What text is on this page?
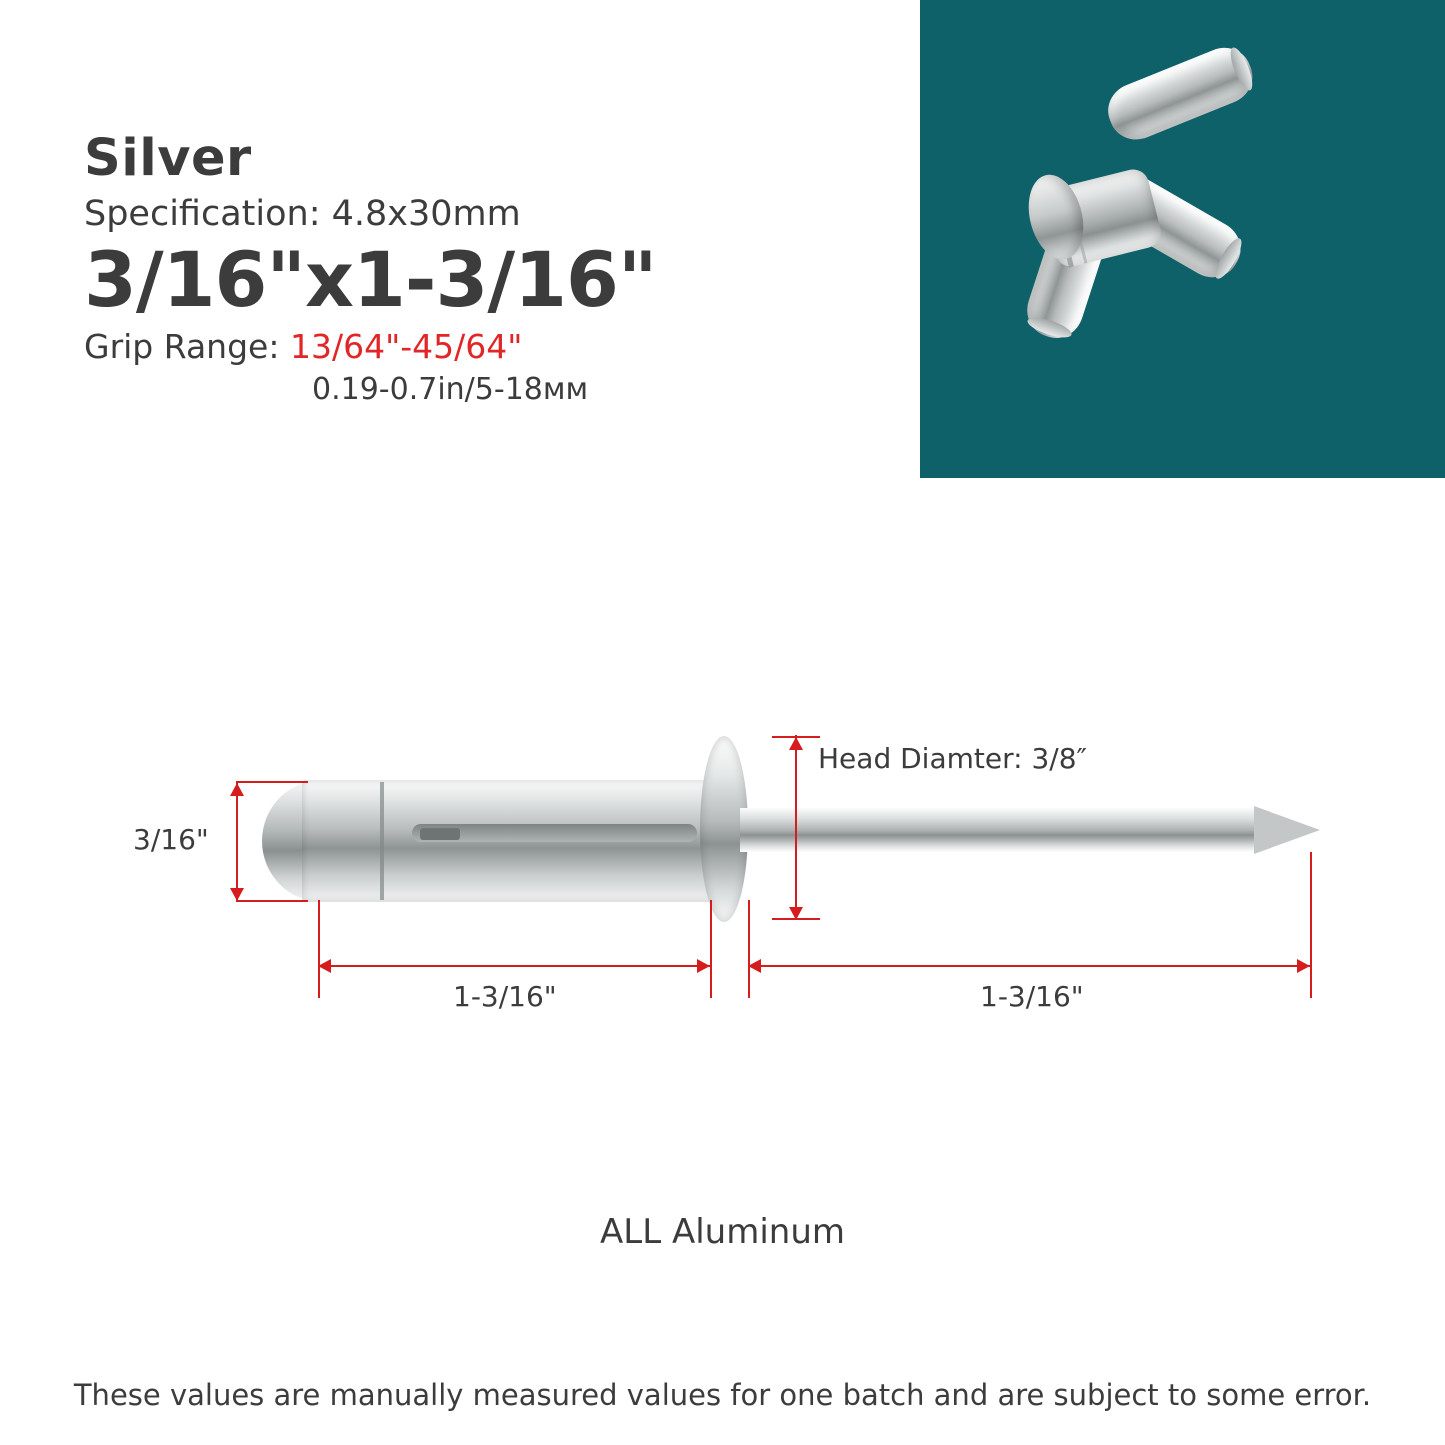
Silver
Specification: 4.8x30mm
3/16"x1-3/16"
Grip Range: 13/64"-45/64"
0.19-0.7in/5-18мм
3/16"
Head Diamter: 3/8″
1-3/16"	1-3/16"
ALL Aluminum
These values are manually measured values for one batch and are subject to some error.
